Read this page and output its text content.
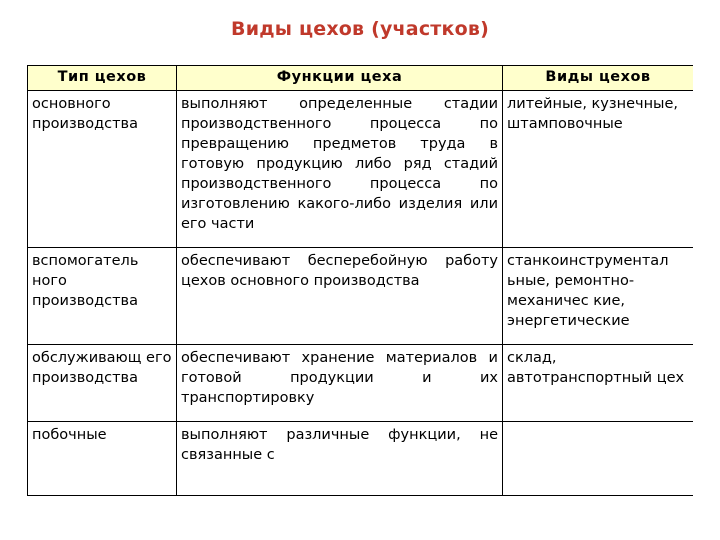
Виды цехов (участков)
Тип цехов	Функции цеха	Виды цехов
основного производства	выполняют определенные стадии производственного процесса по превращению предметов труда в готовую продукцию либо ряд стадий производственного процесса по изготовлению какого-либо изделия или его части	литейные, кузнечные, штамповочные
вспомогатель ного производства	обеспечивают бесперебойную работу цехов основного производства	станкоинструментал ьные, ремонтно-механичес кие, энергетические
обслуживающ его производства	обеспечивают хранение материалов и готовой продукции и их транспортировку	склад, автотранспортный цех
побочные	выполняют различные функции, не связанные с	
